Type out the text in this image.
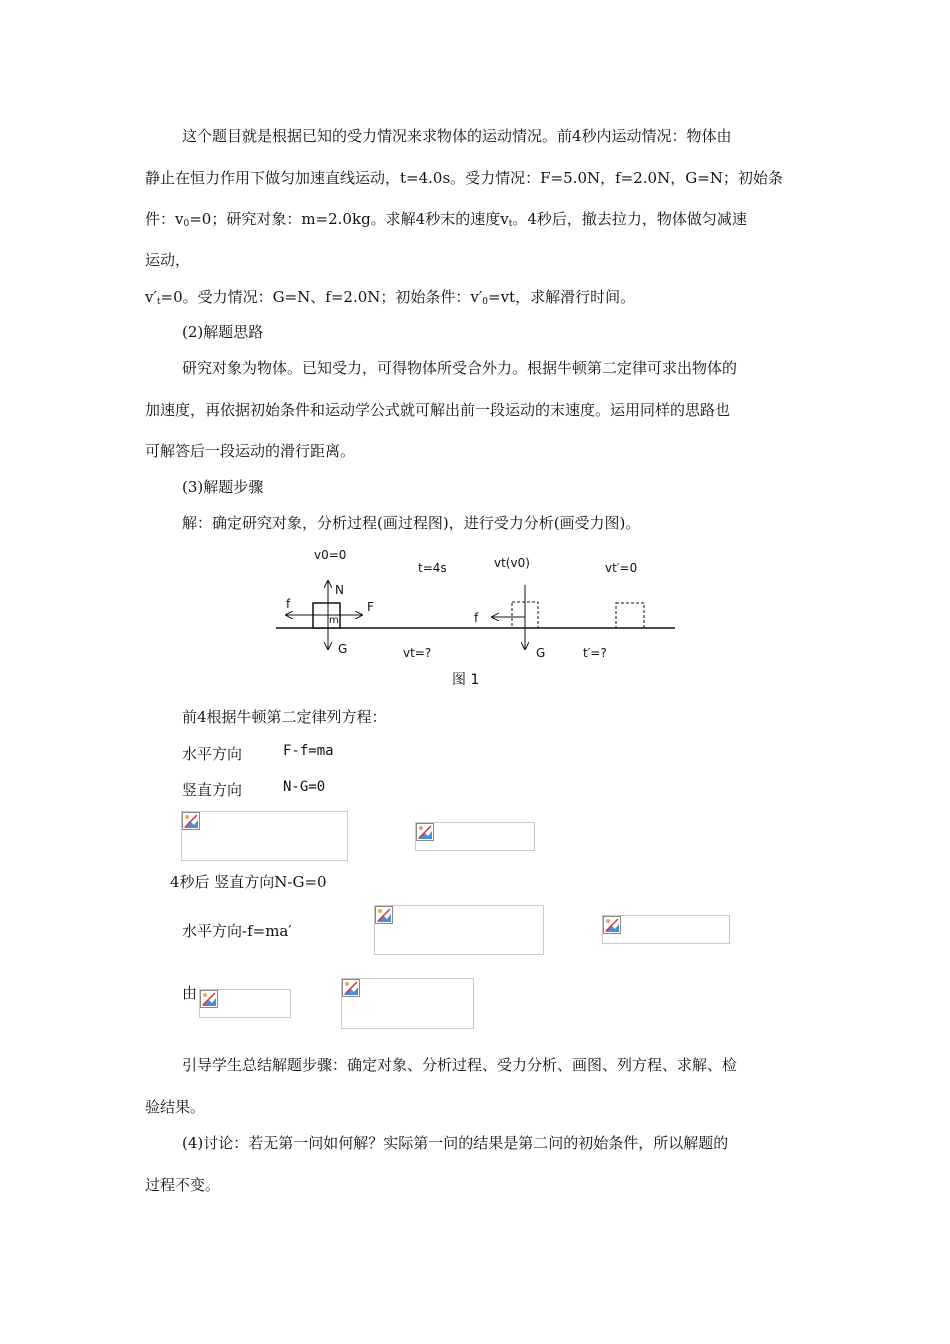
这个题目就是根据已知的受力情况来求物体的运动情况。前4秒内运动情况：物体由
静止在恒力作用下做匀加速直线运动，t=4.0s。受力情况：F=5.0N，f=2.0N，G=N；初始条
件：$v_0=0$；研究对象：m=2.0kg。求解4秒末的速度$v_t$。4秒后，撤去拉力，物体做匀减速
运动，
$v'_t=0$。受力情况：G=N、f=2.0N；初始条件：$v'_0=vt$，求解滑行时间。
(2)解题思路
研究对象为物体。已知受力，可得物体所受合外力。根据牛顿第二定律可求出物体的
加速度，再依据初始条件和运动学公式就可解出前一段运动的末速度。运用同样的思路也
可解答后一段运动的滑行距离。
(3)解题步骤
解：确定研究对象，分析过程(画过程图)，进行受力分析(画受力图)。
m
N
G
F
f
v0=0
t=4s
vt=?
f
G
vt(v0)	vt′=0
t′=?
图 1
前4根据牛顿第二定律列方程：
水平方向	F-f=ma
竖直方向	N-G=0
4秒后 竖直方向N-G=0
水平方向-f=ma′
由
引导学生总结解题步骤：确定对象、分析过程、受力分析、画图、列方程、求解、检
验结果。
(4)讨论：若无第一问如何解？实际第一问的结果是第二问的初始条件，所以解题的
过程不变。
